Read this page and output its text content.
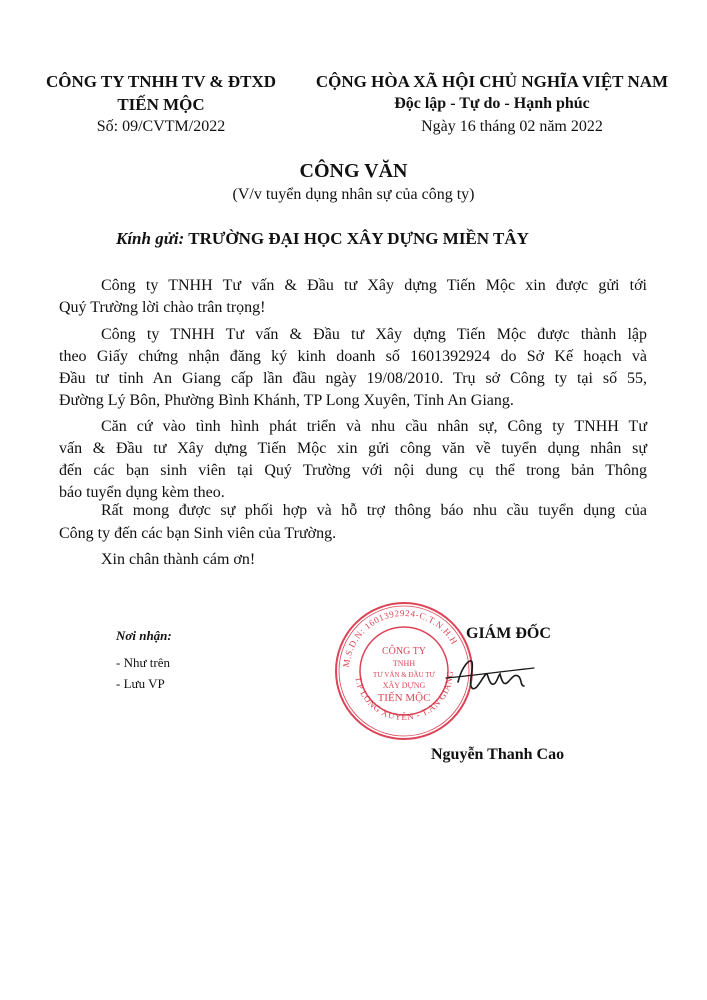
CÔNG TY TNHH TV & ĐTXD
TIẾN MỘC
Số: 09/CVTM/2022
CỘNG HÒA XÃ HỘI CHỦ NGHĨA VIỆT NAM
Độc lập - Tự do - Hạnh phúc
Ngày 16 tháng 02 năm 2022
CÔNG VĂN
(V/v tuyển dụng nhân sự của công ty)
Kính gửi: TRƯỜNG ĐẠI HỌC XÂY DỰNG MIỀN TÂY
Công ty TNHH Tư vấn & Đầu tư Xây dựng Tiến Mộc xin được gửi tới
Quý Trường lời chào trân trọng!
Công ty TNHH Tư vấn & Đầu tư Xây dựng Tiến Mộc được thành lập
theo Giấy chứng nhận đăng ký kinh doanh số 1601392924 do Sở Kế hoạch và
Đầu tư tỉnh An Giang cấp lần đầu ngày 19/08/2010. Trụ sở Công ty tại số 55,
Đường Lý Bôn, Phường Bình Khánh, TP Long Xuyên, Tỉnh An Giang.
Căn cứ vào tình hình phát triển và nhu cầu nhân sự, Công ty TNHH Tư
vấn & Đầu tư Xây dựng Tiến Mộc xin gửi công văn về tuyển dụng nhân sự
đến các bạn sinh viên tại Quý Trường với nội dung cụ thể trong bản Thông
báo tuyển dụng kèm theo.
Rất mong được sự phối hợp và hỗ trợ thông báo nhu cầu tuyển dụng của
Công ty đến các bạn Sinh viên của Trường.
Xin chân thành cám ơn!
Nơi nhận:
- Như trên
- Lưu VP
M.S.D.N: 1601392924-C.T.N.H.H
T.P LONG XUYÊN - T.AN GIANG
CÔNG TY
TNHH
TƯ VẤN & ĐẦU TƯ
XÂY DỰNG
TIẾN MỘC
GIÁM ĐỐC
Nguyễn Thanh Cao
